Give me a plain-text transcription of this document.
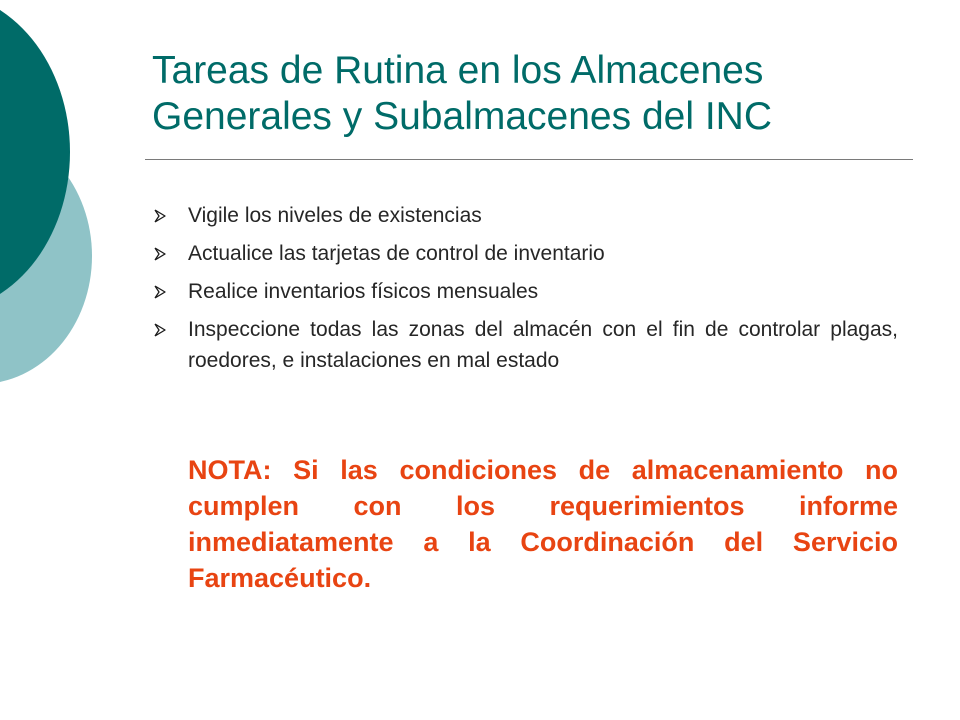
Tareas de Rutina en los Almacenes
Generales y Subalmacenes del INC
Vigile los niveles de existencias
Actualice las tarjetas de control de inventario
Realice inventarios físicos mensuales
Inspeccione todas las zonas del almacén con el fin de controlar plagas, roedores, e instalaciones en mal estado

NOTA: Si las condiciones de almacenamiento no cumplen con los requerimientos informe inmediatamente a la Coordinación del Servicio Farmacéutico.
